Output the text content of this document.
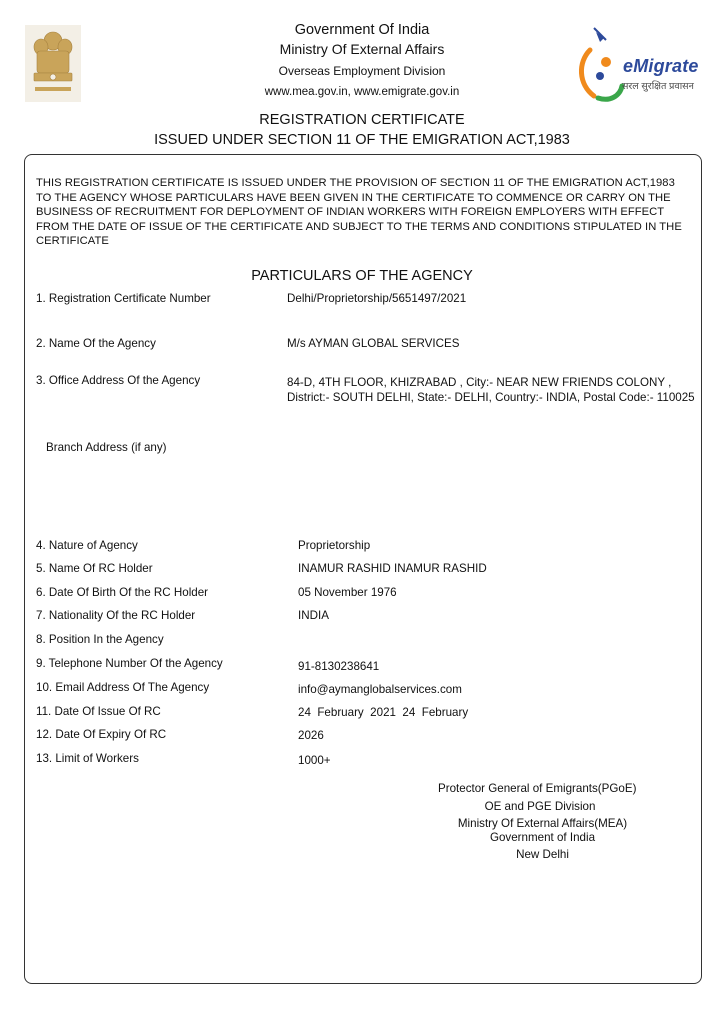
Government Of India
Ministry Of External Affairs
Overseas Employment Division
www.mea.gov.in, www.emigrate.gov.in
REGISTRATION CERTIFICATE
ISSUED UNDER SECTION 11 OF THE EMIGRATION ACT,1983
eMigrate
सरल सुरक्षित प्रवासन
THIS REGISTRATION CERTIFICATE IS ISSUED UNDER THE PROVISION OF SECTION 11 OF THE EMIGRATION ACT,1983 TO THE AGENCY WHOSE PARTICULARS HAVE BEEN GIVEN IN THE CERTIFICATE TO COMMENCE OR CARRY ON THE BUSINESS OF RECRUITMENT FOR DEPLOYMENT OF INDIAN WORKERS WITH FOREIGN EMPLOYERS WITH EFFECT FROM THE DATE OF ISSUE OF THE CERTIFICATE AND SUBJECT TO THE TERMS AND CONDITIONS STIPULATED IN THE CERTIFICATE
PARTICULARS OF THE AGENCY
1. Registration Certificate Number	Delhi/Proprietorship/5651497/2021
2. Name Of the Agency	M/s AYMAN GLOBAL SERVICES
3. Office Address Of the Agency	84-D, 4TH FLOOR, KHIZRABAD , City:- NEAR NEW FRIENDS COLONY , District:- SOUTH DELHI, State:- DELHI, Country:- INDIA, Postal Code:- 110025
Branch Address (if any)
4. Nature of Agency	Proprietorship
5. Name Of RC Holder	INAMUR RASHID INAMUR RASHID
6. Date Of Birth Of the RC Holder	05 November 1976
7. Nationality Of the RC Holder	INDIA
8. Position In the Agency
9. Telephone Number Of the Agency	91-8130238641
10. Email Address Of The Agency	info@aymanglobalservices.com
11. Date Of Issue Of RC	24  February  2021  24  February
12. Date Of Expiry Of RC	2026
13. Limit of Workers	1000+
Protector General of Emigrants(PGoE)
OE and PGE Division
Ministry Of External Affairs(MEA)
Government of India
New Delhi
